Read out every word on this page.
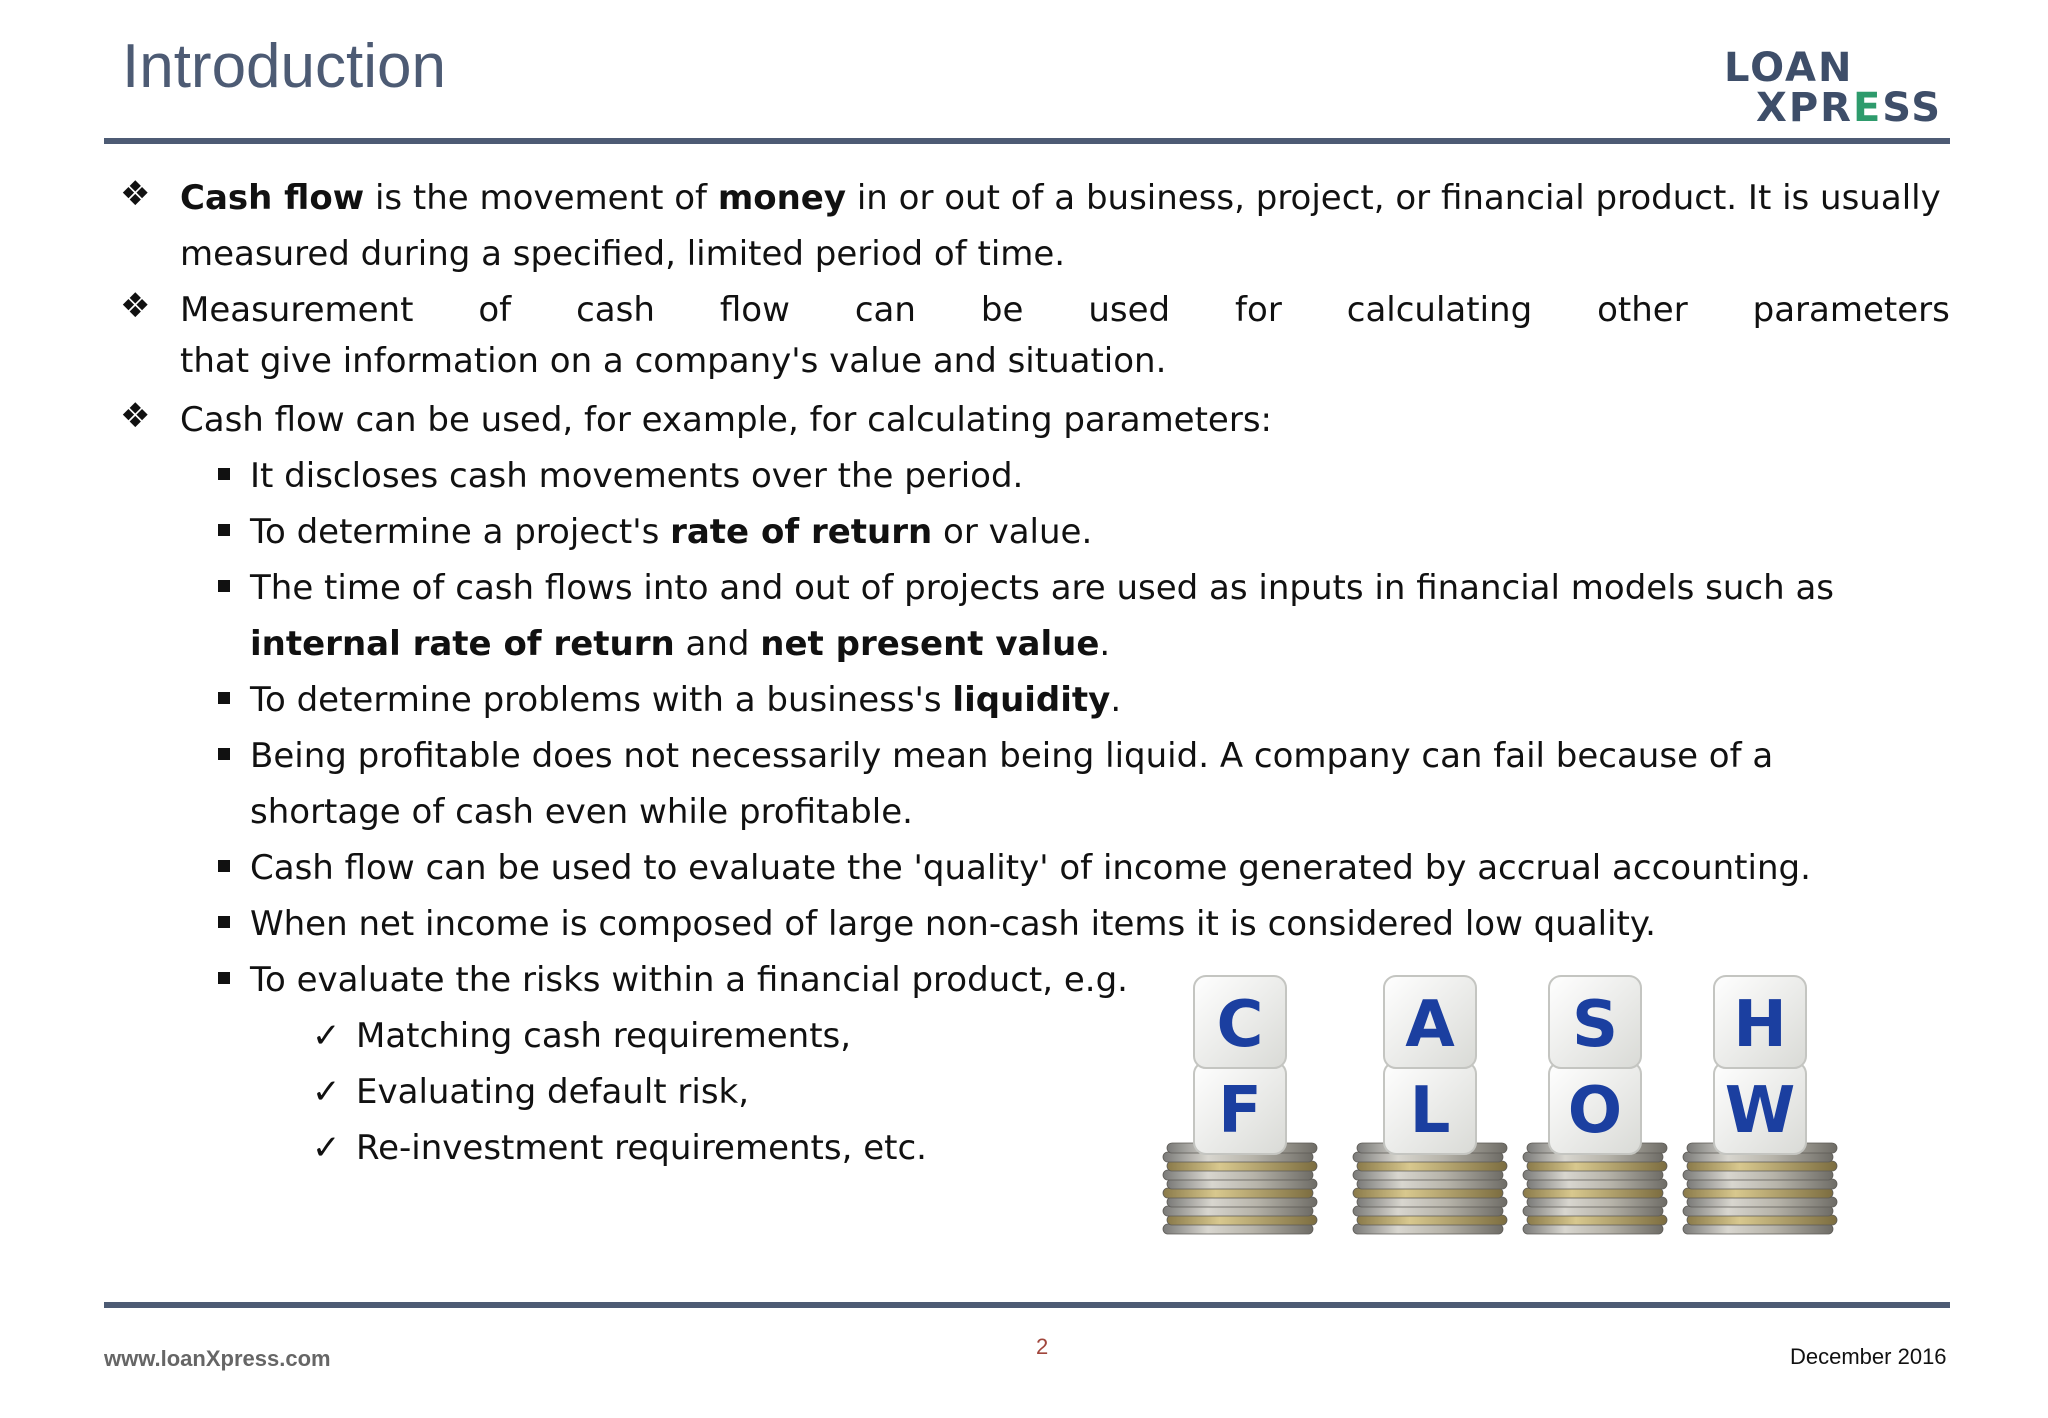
Introduction	LOAN
XPRESS
❖ Cash flow is the movement of money in or out of a business, project, or financial product. It is usually measured during a specified, limited period of time.
❖ Measurement of cash flow can be used for calculating other parameters
that give information on a company's value and situation.
❖ Cash flow can be used, for example, for calculating parameters:
It discloses cash movements over the period.
To determine a project's rate of return or value.
The time of cash flows into and out of projects are used as inputs in financial models such as internal rate of return and net present value.
To determine problems with a business's liquidity.
Being profitable does not necessarily mean being liquid. A company can fail because of a shortage of cash even while profitable.
Cash flow can be used to evaluate the 'quality' of income generated by accrual accounting.
When net income is composed of large non-cash items it is considered low quality.
To evaluate the risks within a financial product, e.g.
✓ Matching cash requirements,
✓ Evaluating default risk,
✓ Re-investment requirements, etc.	F
C
L
A
O
S
W
H
www.loanXpress.com	2	December 2016
